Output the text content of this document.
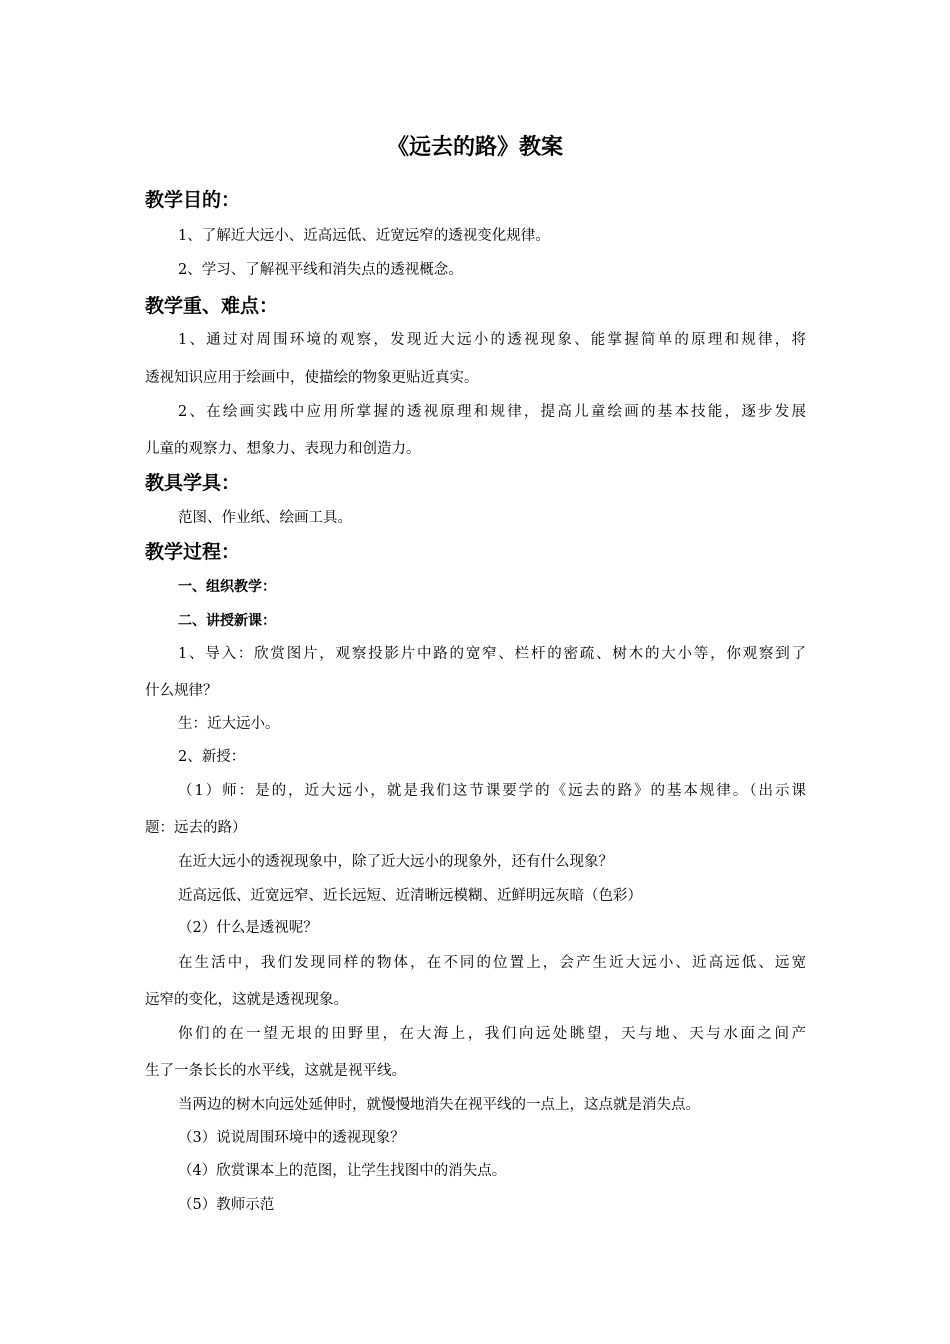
《远去的路》教案
教学目的：
1、了解近大远小、近高远低、近宽远窄的透视变化规律。
2、学习、了解视平线和消失点的透视概念。
教学重、难点：
1、通过对周围环境的观察，发现近大远小的透视现象、能掌握简单的原理和规律，将
透视知识应用于绘画中，使描绘的物象更贴近真实。
2、在绘画实践中应用所掌握的透视原理和规律，提高儿童绘画的基本技能，逐步发展
儿童的观察力、想象力、表现力和创造力。
教具学具：
范图、作业纸、绘画工具。
教学过程：
一、组织教学：
二、讲授新课：
1、导入：欣赏图片，观察投影片中路的宽窄、栏杆的密疏、树木的大小等，你观察到了
什么规律？
生：近大远小。
2、新授：
（1）师：是的，近大远小，就是我们这节课要学的《远去的路》的基本规律。（出示课
题：远去的路）
在近大远小的透视现象中，除了近大远小的现象外，还有什么现象？
近高远低、近宽远窄、近长远短、近清晰远模糊、近鲜明远灰暗（色彩）
（2）什么是透视呢？
在生活中，我们发现同样的物体，在不同的位置上，会产生近大远小、近高远低、远宽
远窄的变化，这就是透视现象。
你们的在一望无垠的田野里，在大海上，我们向远处眺望，天与地、天与水面之间产
生了一条长长的水平线，这就是视平线。
当两边的树木向远处延伸时，就慢慢地消失在视平线的一点上，这点就是消失点。
（3）说说周围环境中的透视现象？
（4）欣赏课本上的范图，让学生找图中的消失点。
（5）教师示范
